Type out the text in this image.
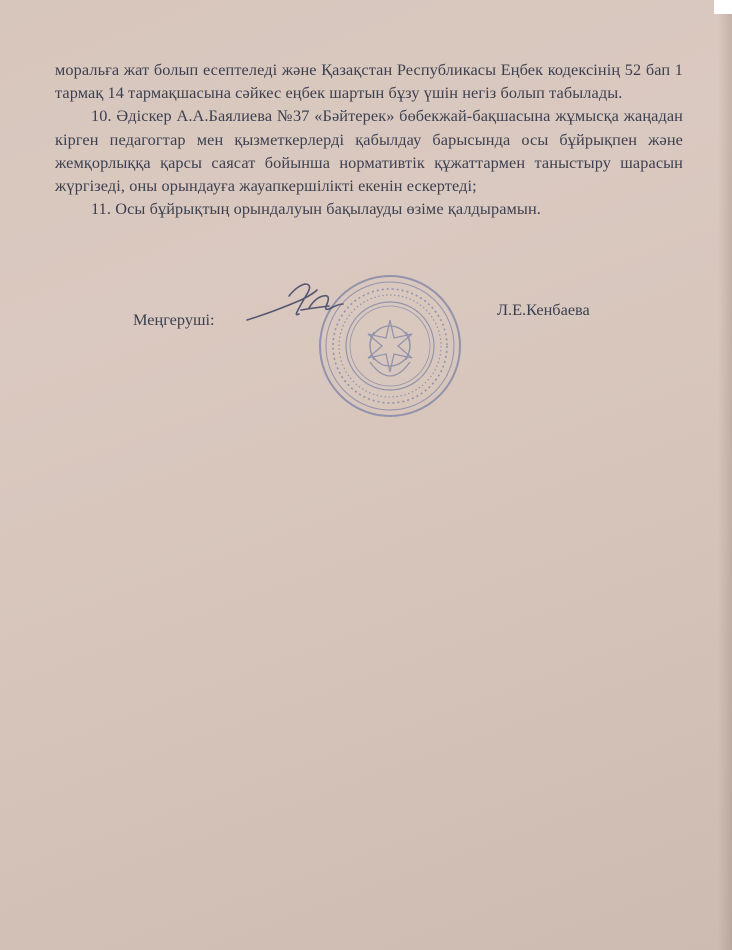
моральға жат болып есептеледі және Қазақстан Республикасы Еңбек кодексінің 52 бап 1 тармақ 14 тармақшасына сәйкес еңбек шартын бұзу үшін негіз болып табылады.

10. Әдіскер А.А.Баялиева №37 «Бәйтерек» бөбекжай-бақшасына жұмысқа жаңадан кірген педагогтар мен қызметкерлерді қабылдау барысында осы бұйрықпен және жемқорлыққа қарсы саясат бойынша нормативтік құжаттармен таныстыру шарасын жүргізеді, оны орындауға жауапкершілікті екенін ескертеді;

11. Осы бұйрықтың орындалуын бақылауды өзіме қалдырамын.

Меңгеруші:
Л.Е.Кенбаева
